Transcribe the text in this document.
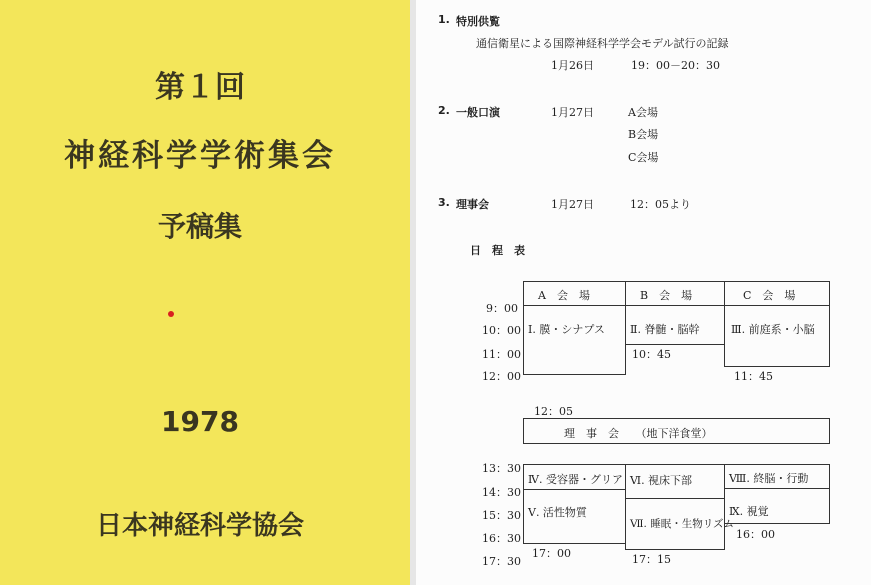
第１回
神経科学学術集会
予稿集
1978
日本神経科学協会
1. 特別供覧
通信衛星による国際神経科学学会モデル試行の記録
1月26日	19：00－20：30
2. 一般口演	1月27日	A会場
B会場
C会場
3. 理事会	1月27日	12：05より
日　程　表
9：00
10：00
11：00
12：00
A　会　場	B　会　場	C　会　場
Ⅰ. 膜・シナプス Ⅱ. 脊髄・脳幹
10：45
Ⅲ. 前庭系・小脳
11：45
12：05
理　事　会　　（地下洋食堂）
13：30
14：30
15：30
16：30
17：30
Ⅳ. 受容器・グリア
Ⅴ. 活性物質
17：00
Ⅵ. 視床下部
Ⅶ. 睡眠・生物リズム
17：15
Ⅷ. 終脳・行動
Ⅸ. 視覚
16：00
